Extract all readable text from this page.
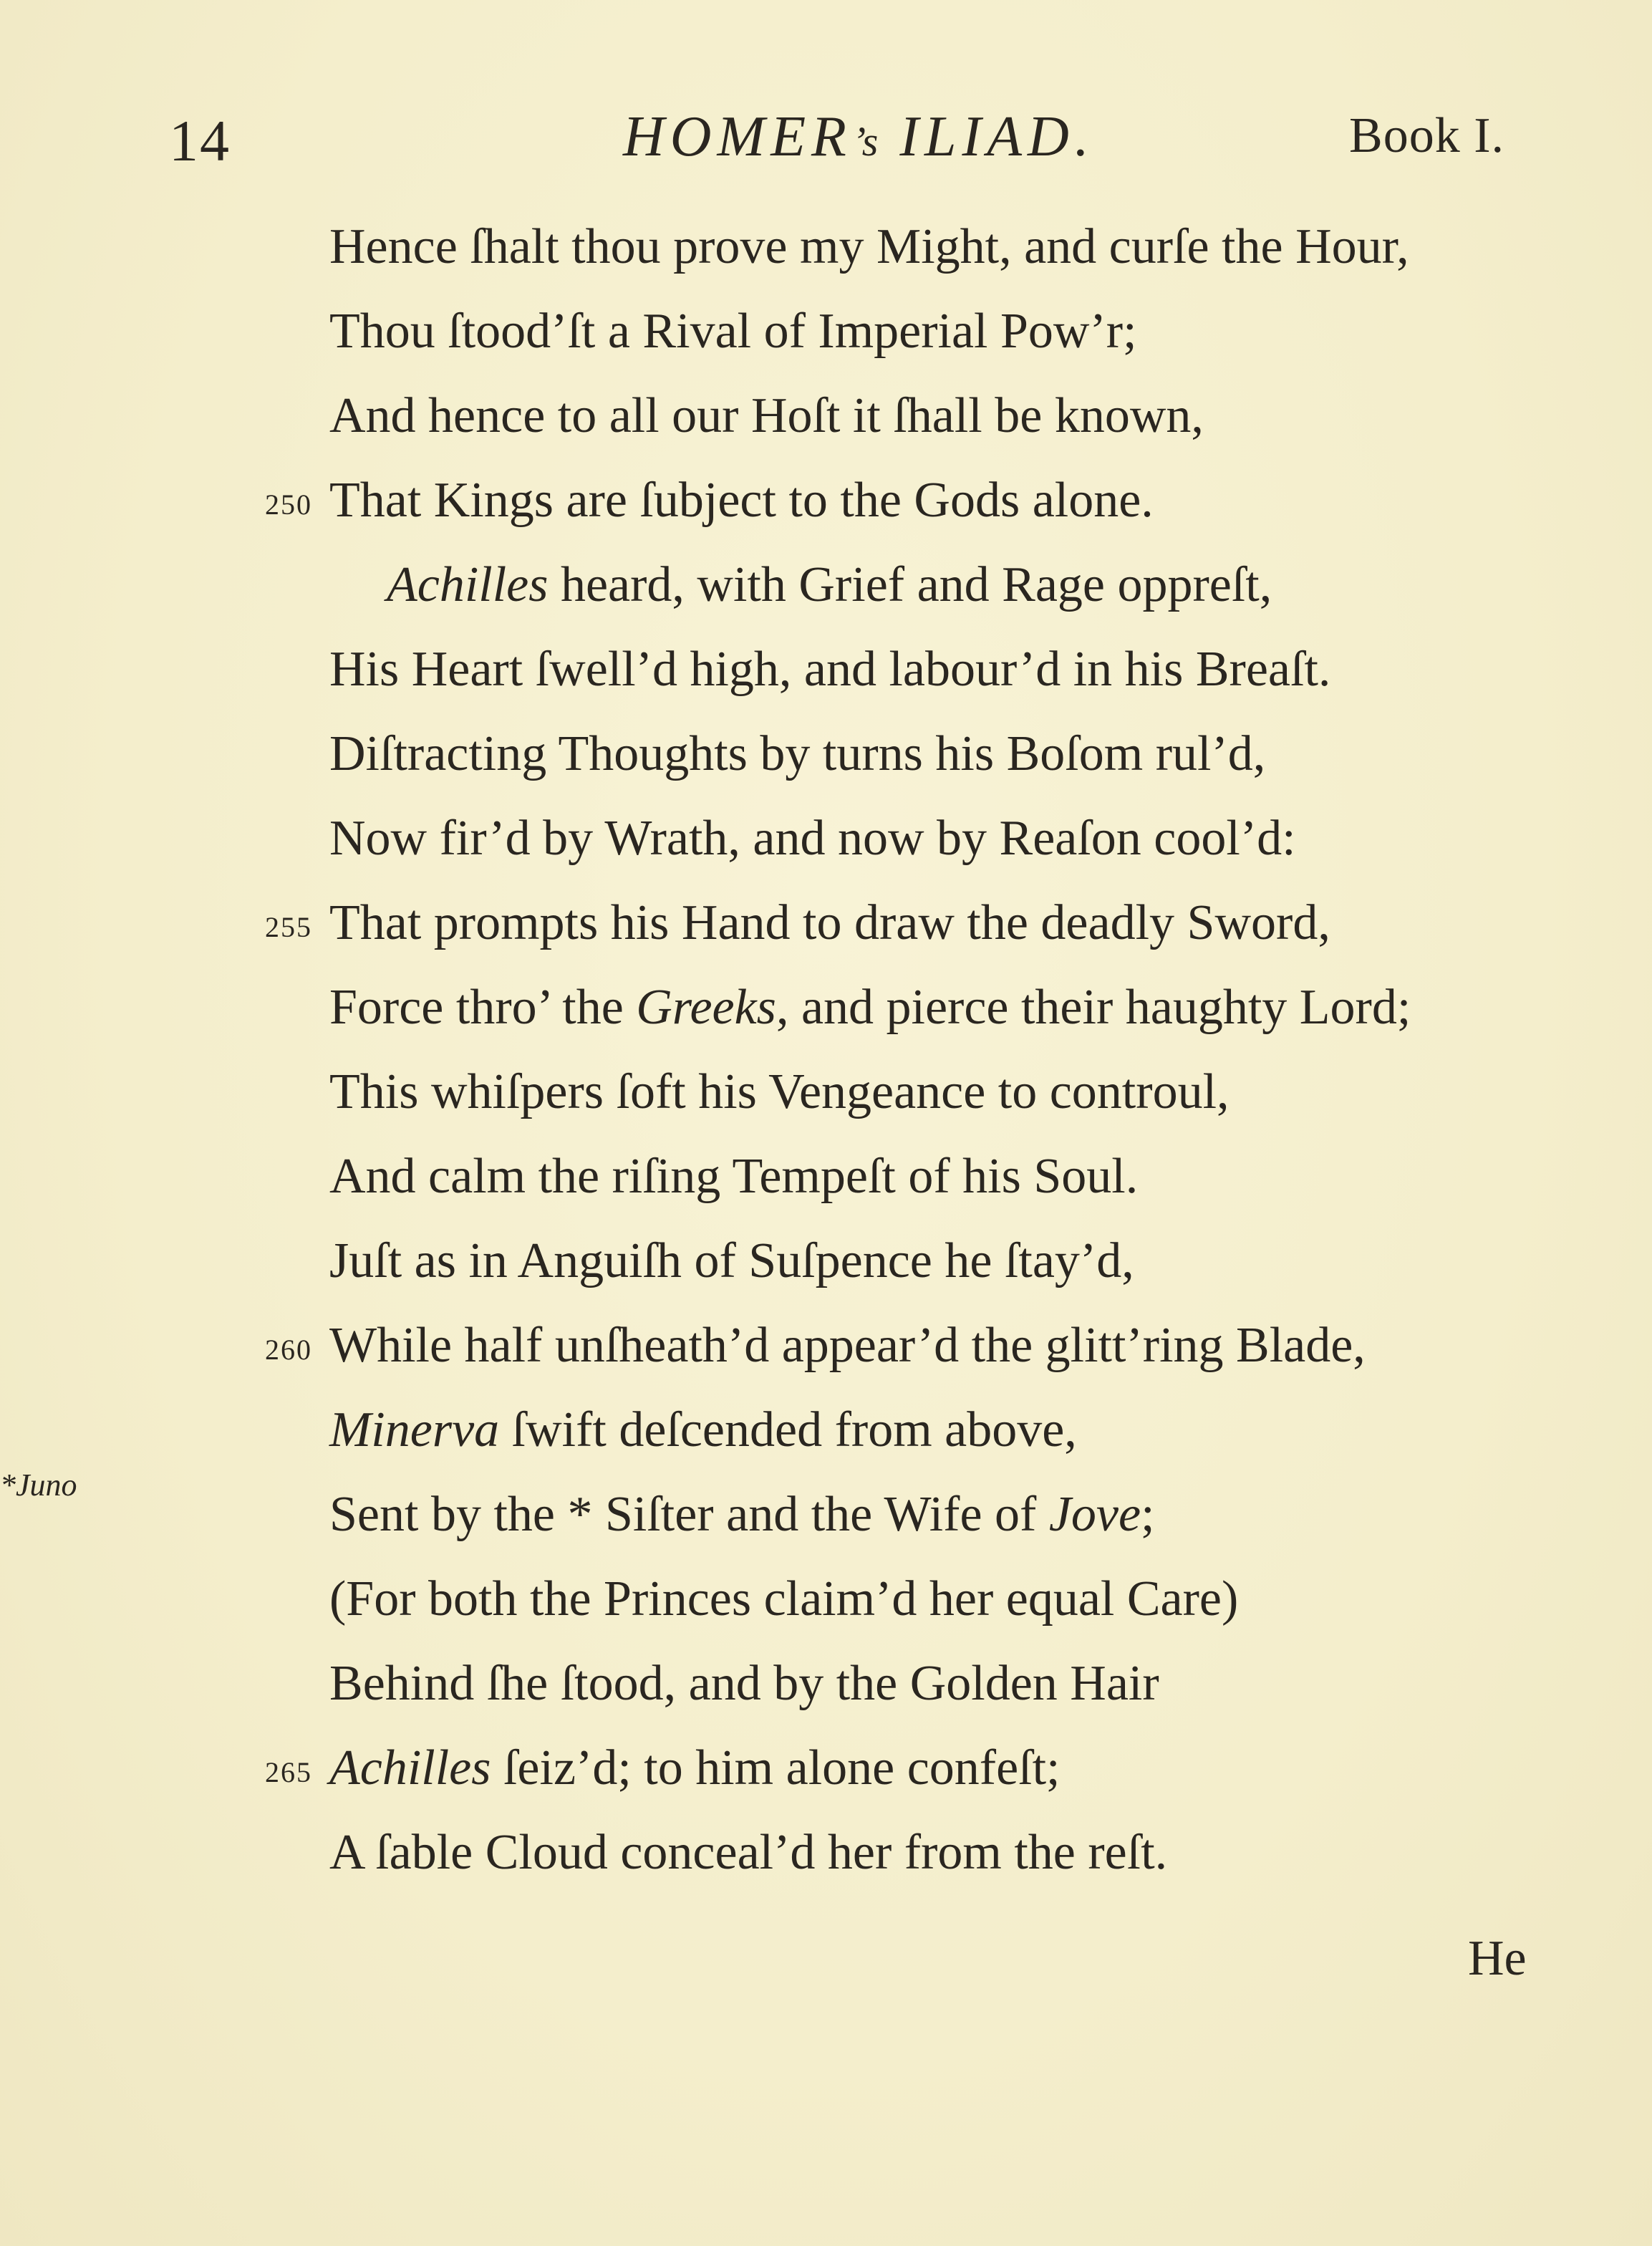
14	HOMER’s ILIAD.	Book I.
Hence ſhalt thou prove my Might, and curſe the Hour,
Thou ſtood’ſt a Rival of Imperial Pow’r;
And hence to all our Hoſt it ſhall be known,
That Kings are ſubject to the Gods alone.
250
Achilles heard, with Grief and Rage oppreſt,
His Heart ſwell’d high, and labour’d in his Breaſt.
Diſtracting Thoughts by turns his Boſom rul’d,
Now fir’d by Wrath, and now by Reaſon cool’d:
That prompts his Hand to draw the deadly Sword,
255
Force thro’ the Greeks, and pierce their haughty Lord;
This whiſpers ſoft his Vengeance to controul,
And calm the riſing Tempeſt of his Soul.
Juſt as in Anguiſh of Suſpence he ſtay’d,
While half unſheath’d appear’d the glitt’ring Blade,
260
Minerva ſwift deſcended from above,
Sent by the * Siſter and the Wife of Jove;
(For both the Princes claim’d her equal Care)
Behind ſhe ſtood, and by the Golden Hair
Achilles ſeiz’d; to him alone confeſt;
265
A ſable Cloud conceal’d her from the reſt.
*Juno
He
